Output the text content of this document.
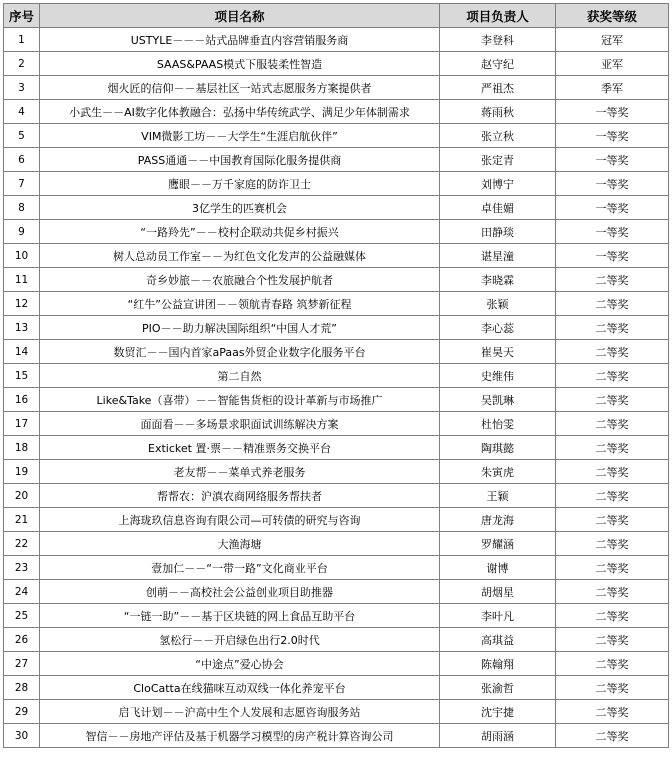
序号	项目名称	项目负责人	获奖等级
1	USTYLE－－－站式品牌垂直内容营销服务商	李登科	冠军
2	SAAS&PAAS模式下服装柔性智造	赵守纪	亚军
3	烟火匠的信仰－－基层社区一站式志愿服务方案提供者	严祖杰	季军
4	小武生－－AI数字化体教融合：弘扬中华传统武学、满足少年体制需求	蒋雨秋	一等奖
5	VIM微影工坊－－大学生“生涯启航伙伴”	张立秋	一等奖
6	PASS通通－－中国教育国际化服务提供商	张定青	一等奖
7	鹰眼－－万千家庭的防诈卫士	刘博宁	一等奖
8	3亿学生的匹赛机会	卓佳媚	一等奖
9	“一路羚先”－－校村企联动共促乡村振兴	田静琰	一等奖
10	树人总动员工作室－－为红色文化发声的公益融媒体	谌星潼	一等奖
11	奇乡妙旅－－农旅融合个性发展护航者	李晓霖	二等奖
12	“红牛”公益宣讲团－－领航青春路 筑梦新征程	张颖	二等奖
13	PIO－－助力解决国际组织“中国人才荒”	李心蕊	二等奖
14	数贸汇－－国内首家aPaas外贸企业数字化服务平台	崔昊天	二等奖
15	第二自然	史维伟	二等奖
16	Like&Take（喜带）－－智能售货柜的设计革新与市场推广	吴凯琳	二等奖
17	面面看－－多场景求职面试训练解决方案	杜怡雯	二等奖
18	Exticket 置·票－－精准票务交换平台	陶琪懿	二等奖
19	老友帮－－菜单式养老服务	朱寅虎	二等奖
20	帮帮农：沪滇农商网络服务帮扶者	王颖	二等奖
21	上海珑玖信息咨询有限公司—可转债的研究与咨询	唐龙海	二等奖
22	大渔海塘	罗耀涵	二等奖
23	壹加仁－－“一带一路”文化商业平台	谢博	二等奖
24	创萌－－高校社会公益创业项目助推器	胡烟星	二等奖
25	“一链一助”－－基于区块链的网上食品互助平台	李叶凡	二等奖
26	氢松行－－开启绿色出行2.0时代	高琪益	二等奖
27	“中途点”爱心协会	陈翰翔	二等奖
28	CloCatta在线猫咪互动双线一体化养宠平台	张渝哲	二等奖
29	启飞计划－－沪高中生个人发展和志愿咨询服务站	沈宇捷	二等奖
30	智信－－房地产评估及基于机器学习模型的房产税计算咨询公司	胡雨涵	二等奖
